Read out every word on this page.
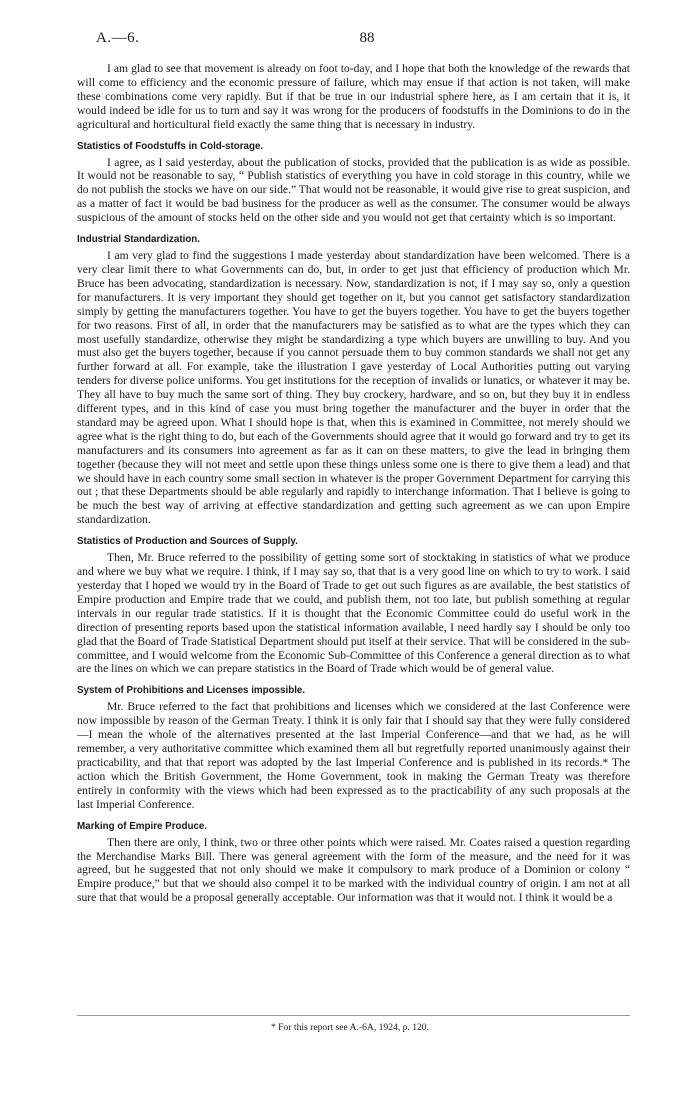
A.—6.	88

I am glad to see that movement is already on foot to-day, and I hope that both the knowledge of the rewards that will come to efficiency and the economic pressure of failure, which may ensue if that action is not taken, will make these combinations come very rapidly. But if that be true in our industrial sphere here, as I am certain that it is, it would indeed be idle for us to turn and say it was wrong for the producers of foodstuffs in the Dominions to do in the agricultural and horticultural field exactly the same thing that is necessary in industry.

Statistics of Foodstuffs in Cold-storage.

I agree, as I said yesterday, about the publication of stocks, provided that the publication is as wide as possible. It would not be reasonable to say, “ Publish statistics of everything you have in cold storage in this country, while we do not publish the stocks we have on our side.” That would not be reasonable, it would give rise to great suspicion, and as a matter of fact it would be bad business for the producer as well as the consumer. The consumer would be always suspicious of the amount of stocks held on the other side and you would not get that certainty which is so important.

Industrial Standardization.

I am very glad to find the suggestions I made yesterday about standardization have been welcomed. There is a very clear limit there to what Governments can do, but, in order to get just that efficiency of production which Mr. Bruce has been advocating, standardization is necessary. Now, standardization is not, if I may say so, only a question for manufacturers. It is very important they should get together on it, but you cannot get satisfactory standardization simply by getting the manufacturers together. You have to get the buyers together. You have to get the buyers together for two reasons. First of all, in order that the manufacturers may be satisfied as to what are the types which they can most usefully standardize, otherwise they might be standardizing a type which buyers are unwilling to buy. And you must also get the buyers together, because if you cannot persuade them to buy common standards we shall not get any further forward at all. For example, take the illustration I gave yesterday of Local Authorities putting out varying tenders for diverse police uniforms. You get institutions for the reception of invalids or lunatics, or whatever it may be. They all have to buy much the same sort of thing. They buy crockery, hardware, and so on, but they buy it in endless different types, and in this kind of case you must bring together the manufacturer and the buyer in order that the standard may be agreed upon. What I should hope is that, when this is examined in Committee, not merely should we agree what is the right thing to do, but each of the Governments should agree that it would go forward and try to get its manufacturers and its consumers into agreement as far as it can on these matters, to give the lead in bringing them together (because they will not meet and settle upon these things unless some one is there to give them a lead) and that we should have in each country some small section in whatever is the proper Government Department for carrying this out ; that these Departments should be able regularly and rapidly to interchange information. That I believe is going to be much the best way of arriving at effective standardization and getting such agreement as we can upon Empire standardization.

Statistics of Production and Sources of Supply.

Then, Mr. Bruce referred to the possibility of getting some sort of stocktaking in statistics of what we produce and where we buy what we require. I think, if I may say so, that that is a very good line on which to try to work. I said yesterday that I hoped we would try in the Board of Trade to get out such figures as are available, the best statistics of Empire production and Empire trade that we could, and publish them, not too late, but publish something at regular intervals in our regular trade statistics. If it is thought that the Economic Committee could do useful work in the direction of presenting reports based upon the statistical information available, I need hardly say I should be only too glad that the Board of Trade Statistical Department should put itself at their service. That will be considered in the sub-committee, and I would welcome from the Economic Sub-Committee of this Conference a general direction as to what are the lines on which we can prepare statistics in the Board of Trade which would be of general value.

System of Prohibitions and Licenses impossible.

Mr. Bruce referred to the fact that prohibitions and licenses which we considered at the last Conference were now impossible by reason of the German Treaty. I think it is only fair that I should say that they were fully considered—I mean the whole of the alternatives presented at the last Imperial Conference—and that we had, as he will remember, a very authoritative committee which examined them all but regretfully reported unanimously against their practicability, and that that report was adopted by the last Imperial Conference and is published in its records.* The action which the British Government, the Home Government, took in making the German Treaty was therefore entirely in conformity with the views which had been expressed as to the practicability of any such proposals at the last Imperial Conference.

Marking of Empire Produce.

Then there are only, I think, two or three other points which were raised. Mr. Coates raised a question regarding the Merchandise Marks Bill. There was general agreement with the form of the measure, and the need for it was agreed, but he suggested that not only should we make it compulsory to mark produce of a Dominion or colony “ Empire produce,” but that we should also compel it to be marked with the individual country of origin. I am not at all sure that that would be a proposal generally acceptable. Our information was that it would not. I think it would be a

* For this report see A.-6A, 1924, p. 120.
